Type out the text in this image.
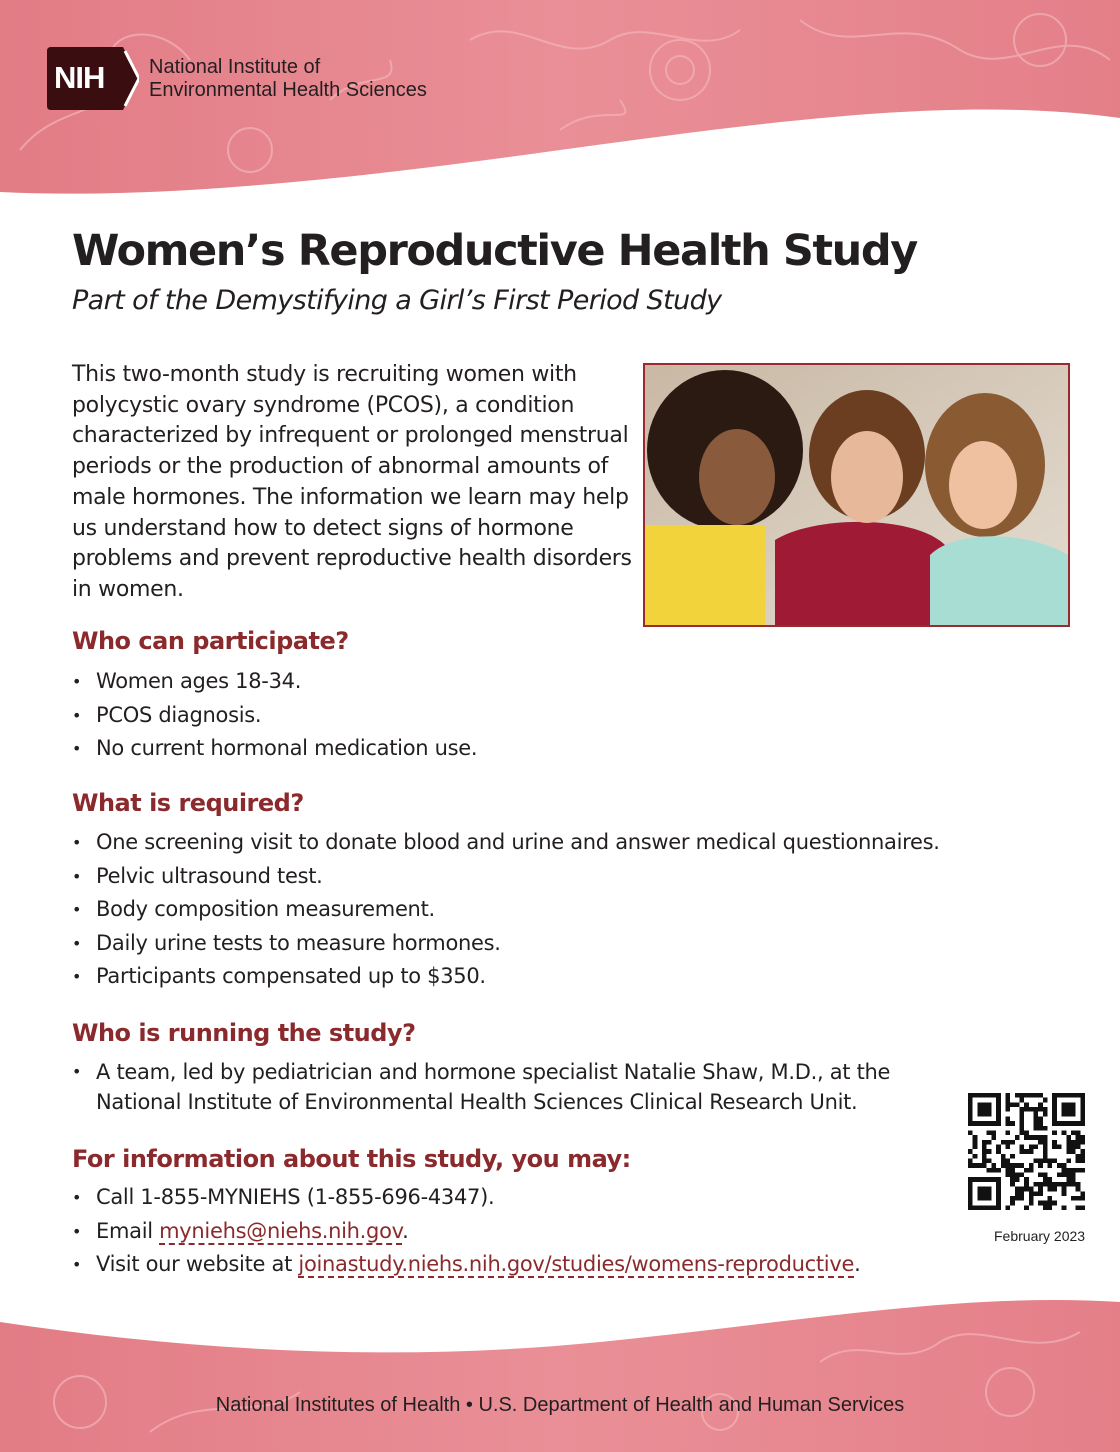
NIH National Institute of
Environmental Health Sciences
Women’s Reproductive Health Study
Part of the Demystifying a Girl’s First Period Study

This two-month study is recruiting women with polycystic ovary syndrome (PCOS), a condition characterized by infrequent or prolonged menstrual periods or the production of abnormal amounts of male hormones. The information we learn may help us understand how to detect signs of hormone problems and prevent reproductive health disorders in women.

Who can participate?
• Women ages 18-34.
• PCOS diagnosis.
• No current hormonal medication use.
What is required?
• One screening visit to donate blood and urine and answer medical questionnaires.
• Pelvic ultrasound test.
• Body composition measurement.
• Daily urine tests to measure hormones.
• Participants compensated up to $350.
Who is running the study?
• A team, led by pediatrician and hormone specialist Natalie Shaw, M.D., at the National Institute of Environmental Health Sciences Clinical Research Unit.
For information about this study, you may:
• Call 1-855-MYNIEHS (1-855-696-4347).
• Email myniehs@niehs.nih.gov.
• Visit our website at joinastudy.niehs.nih.gov/studies/womens-reproductive.
February 2023
National Institutes of Health • U.S. Department of Health and Human Services
